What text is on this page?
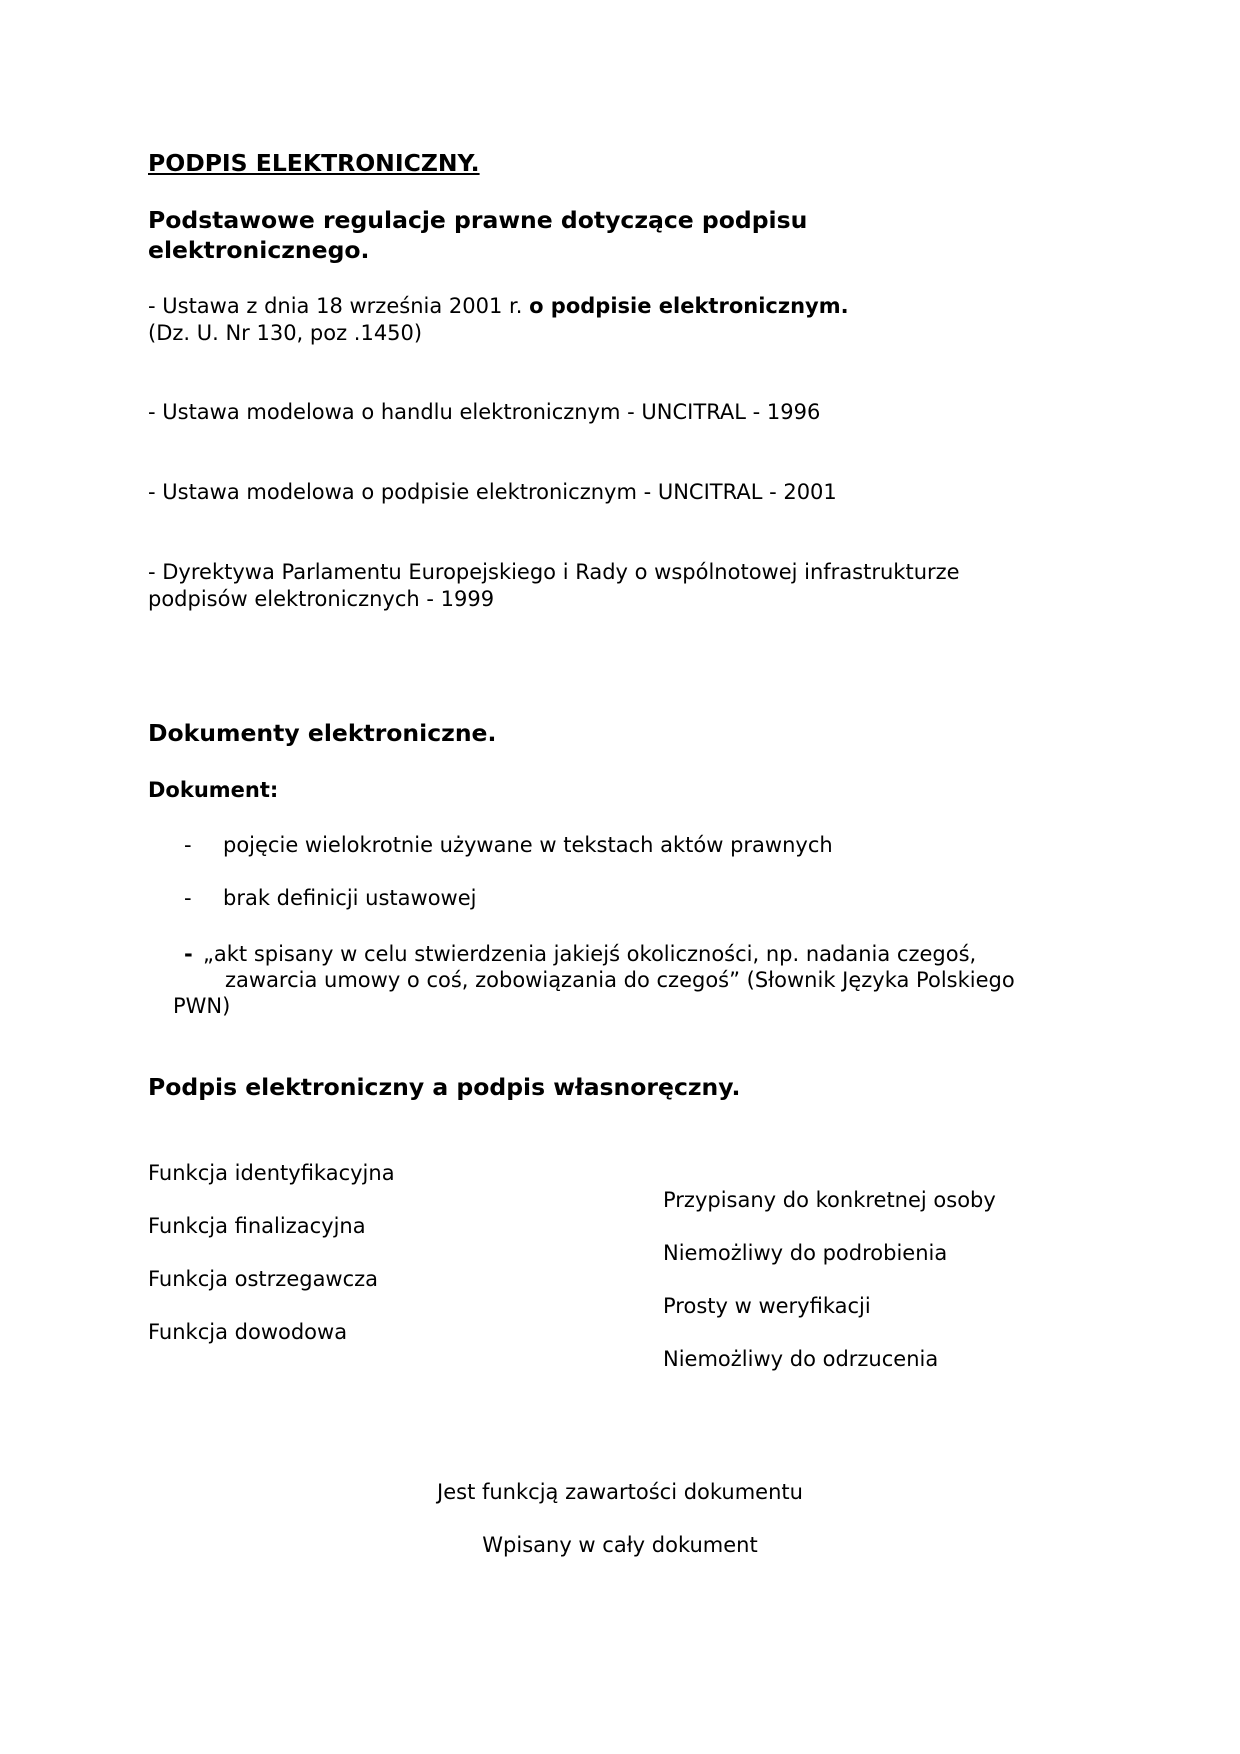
PODPIS ELEKTRONICZNY.
Podstawowe regulacje prawne dotyczące podpisu
elektronicznego.
- Ustawa z dnia 18 września 2001 r. o podpisie elektronicznym.
(Dz. U. Nr 130, poz .1450)
- Ustawa modelowa o handlu elektronicznym - UNCITRAL - 1996
- Ustawa modelowa o podpisie elektronicznym - UNCITRAL - 2001
- Dyrektywa Parlamentu Europejskiego i Rady o wspólnotowej infrastrukturze
podpisów elektronicznych - 1999
Dokumenty elektroniczne.
Dokument:
- pojęcie wielokrotnie używane w tekstach aktów prawnych
- brak definicji ustawowej
- „akt spisany w celu stwierdzenia jakiejś okoliczności, np. nadania czegoś,
zawarcia umowy o coś, zobowiązania do czegoś” (Słownik Języka Polskiego
PWN)
Podpis elektroniczny a podpis własnoręczny.
Funkcja identyfikacyjna
Funkcja finalizacyjna
Funkcja ostrzegawcza
Funkcja dowodowa
Przypisany do konkretnej osoby
Niemożliwy do podrobienia
Prosty w weryfikacji
Niemożliwy do odrzucenia
Jest funkcją zawartości dokumentu
Wpisany w cały dokument
